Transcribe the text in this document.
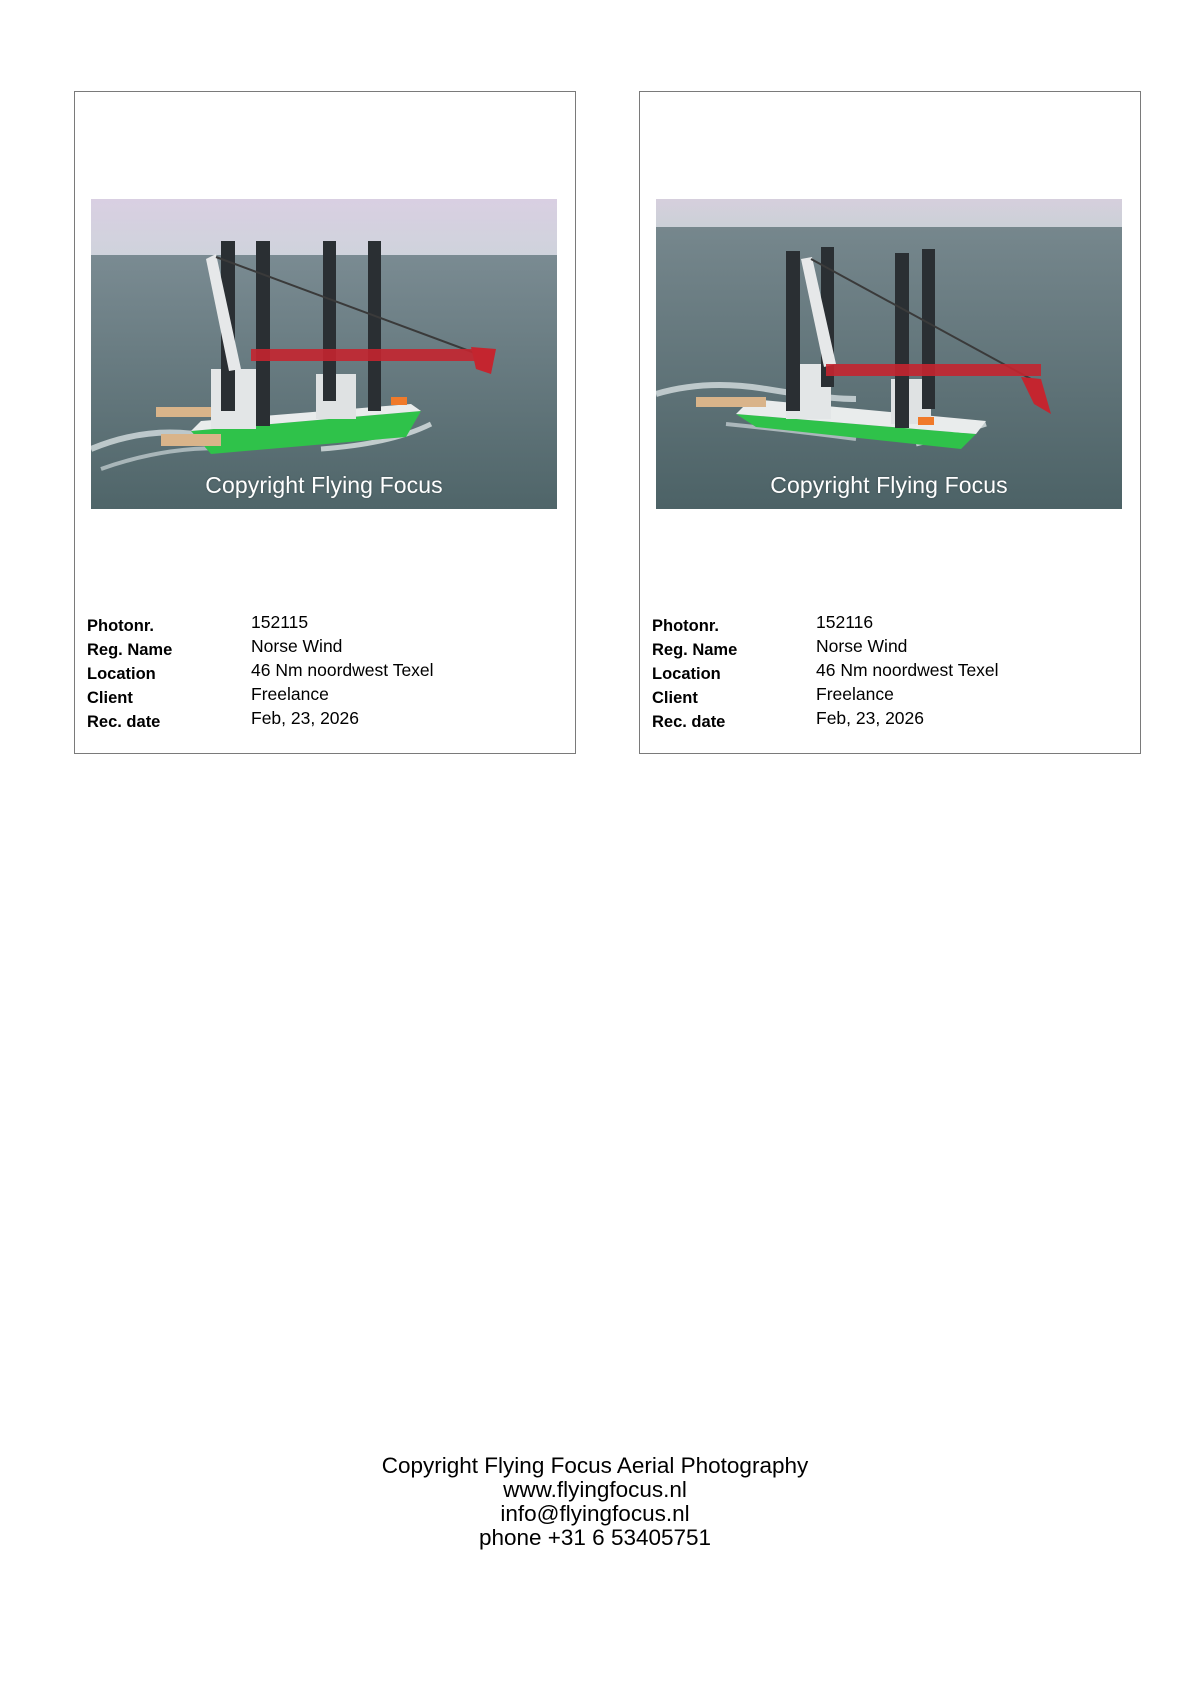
Copyright Flying Focus
Photonr.	152115
Reg. Name	Norse Wind
Location	46 Nm noordwest Texel
Client	Freelance
Rec. date	Feb, 23, 2026
Copyright Flying Focus
Photonr.	152116
Reg. Name	Norse Wind
Location	46 Nm noordwest Texel
Client	Freelance
Rec. date	Feb, 23, 2026
Copyright Flying Focus Aerial Photography
www.flyingfocus.nl
info@flyingfocus.nl
phone +31 6 53405751
